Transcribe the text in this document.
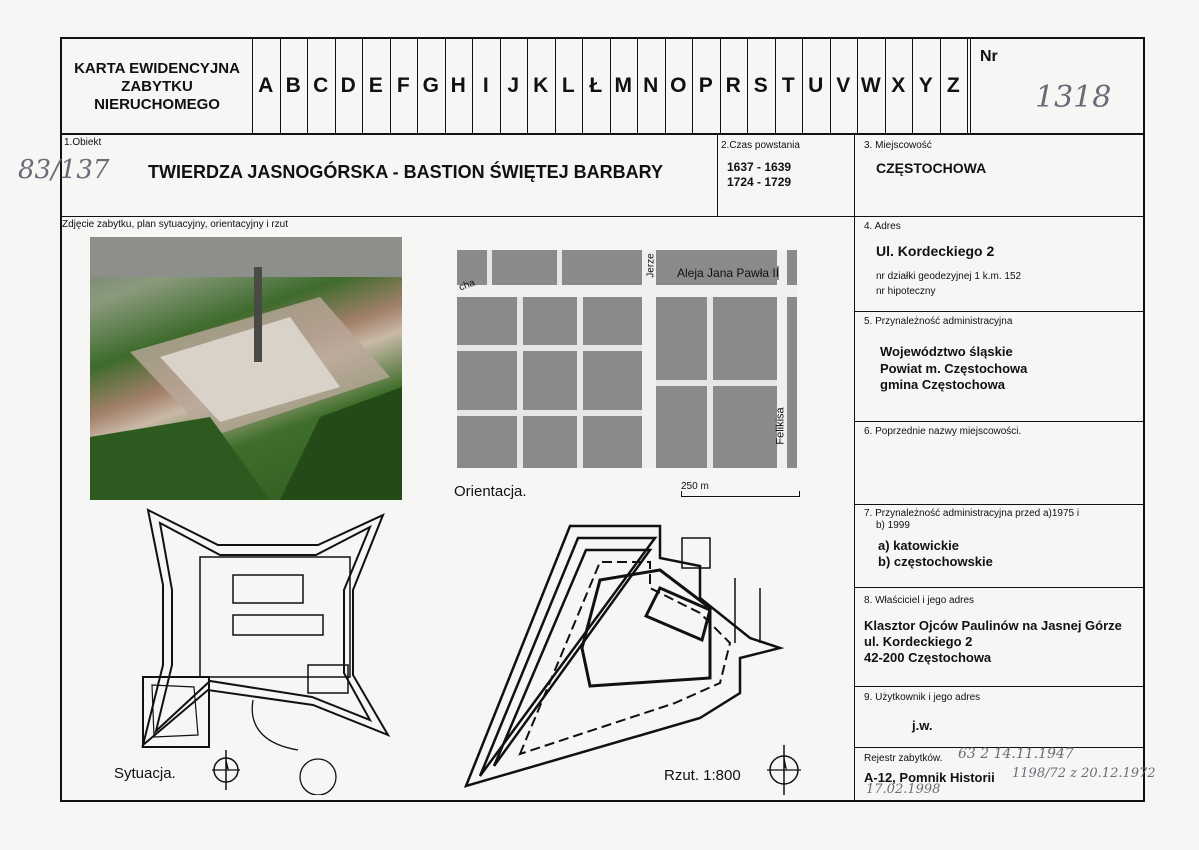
KARTA EWIDENCYJNA ZABYTKU NIERUCHOMEGO
A B C D E F G H I J K L Ł M N O P R S T U V W X Y Z
Nr
1318
1.Obiekt
83/137 TWIERDZA JASNOGÓRSKA - BASTION ŚWIĘTEJ BARBARY
2.Czas powstania
1637 - 1639
1724 - 1729
3. Miejscowość
CZĘSTOCHOWA
Zdjęcie zabytku, plan sytuacyjny, orientacyjny i rzut
Aleja Jana Pawła II
Felikisa
Jerze
cha
Orientacja.	250 m
Sytuacja.	Rzut. 1:800
4. Adres
Ul. Kordeckiego 2
nr działki geodezyjnej 1 k.m. 152
nr hipoteczny
5. Przynależność administracyjna
Województwo śląskie
Powiat m. Częstochowa
gmina Częstochowa
6. Poprzednie nazwy miejscowości.
7. Przynależność administracyjna przed a)1975 i
b) 1999
a) katowickie
b) częstochowskie
8. Właściciel i jego adres
Klasztor Ojców Paulinów na Jasnej Górze
ul. Kordeckiego 2
42-200 Częstochowa
9. Użytkownik i jego adres
j.w.
Rejestr zabytków. 63 2 14.11.1947
A-12, Pomnik Historii 1198/72 z 20.12.1972
17.02.1998
